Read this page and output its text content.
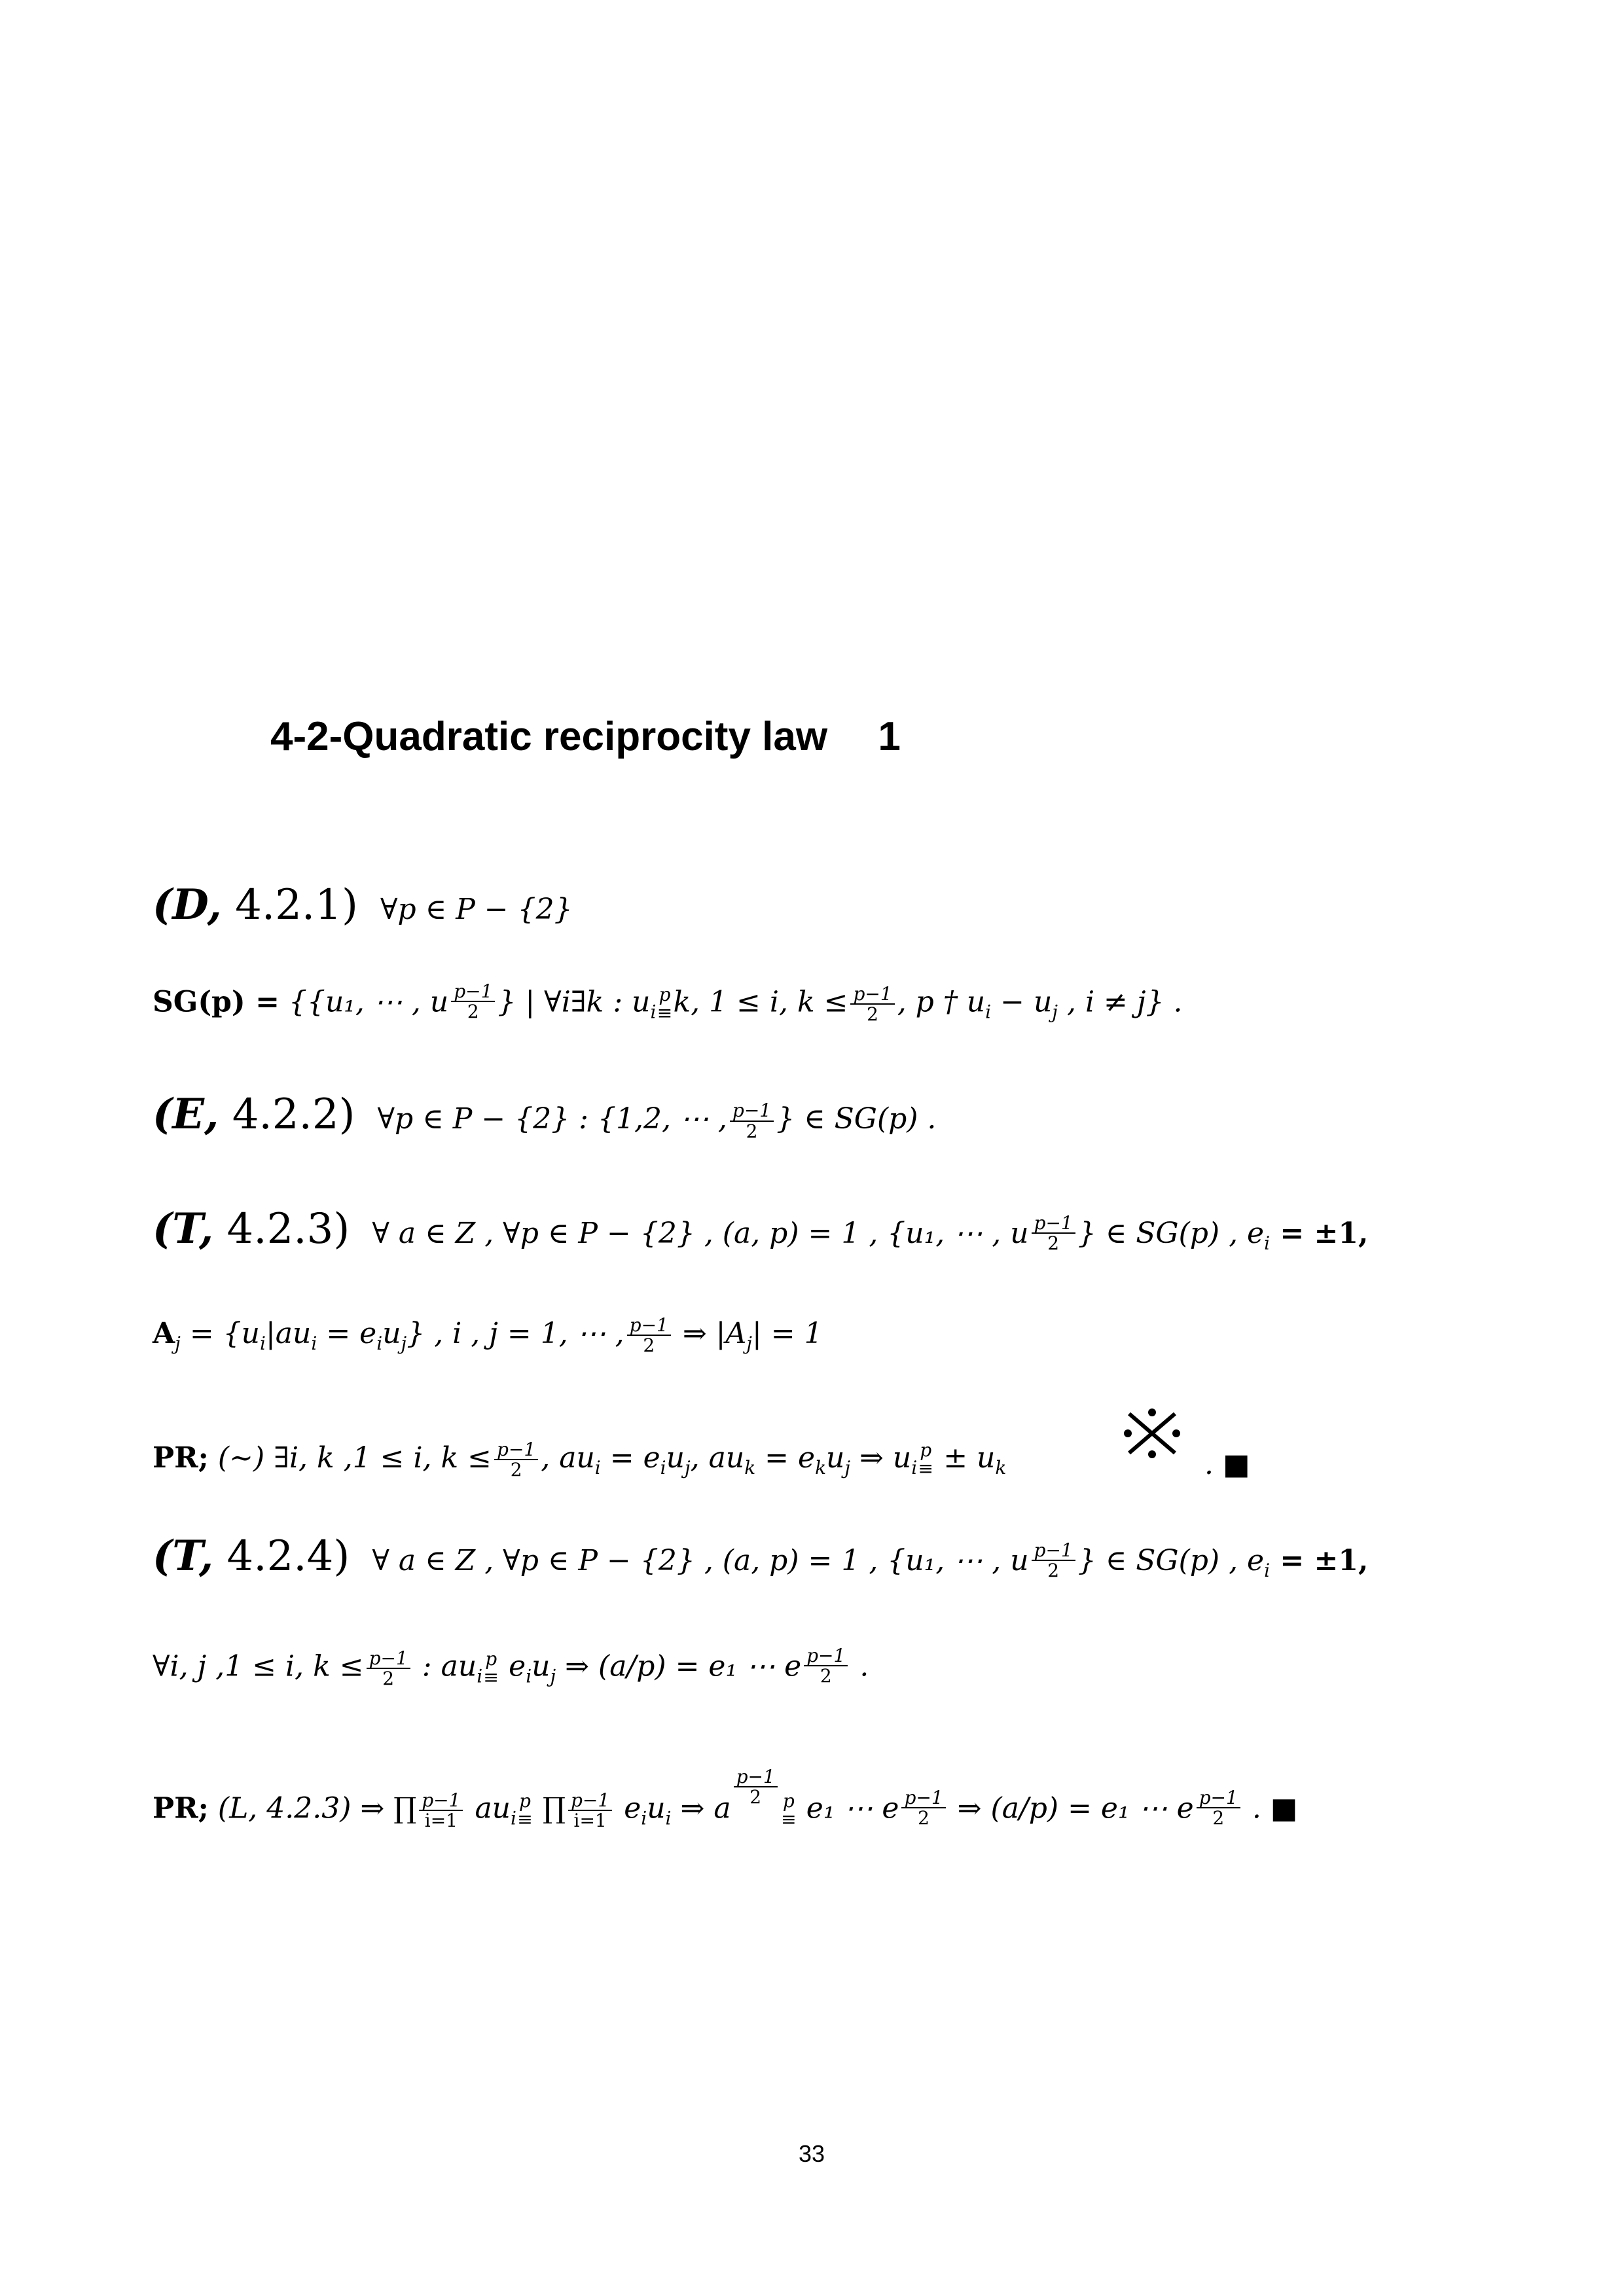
4-2-Quadratic reciprocity law 1
(D, 4.2.1) ∀p ∈ P − {2}
SG(p) = {{u₁, ⋯ , u $\frac{p-1}{2}$ } | ∀i∃k : $u_i$
p
≡ k, 1 ≤ i, $k \le \frac{p-1}{2}$ , p † $u_i - u_j$ , i ≠ j} .
(E, 4.2.2) ∀p ∈ P − {2} : {1,2, ⋯ , $\frac{p-1}{2}$ } ∈ SG(p) .
(T, 4.2.3) ∀ a ∈ Z , ∀p ∈ P − {2} , (a, p) = 1 , {u₁, ⋯ , u $\frac{p-1}{2}$ } ∈ SG(p) , $e_i = \pm 1$,
$A_j = \{u_i|au_i = e_iu_j\}$ , i , j = 1, ⋯ , $\frac{p-1}{2}$ ⇒ $|A_j| = 1$
PR; (∼) ∃i, k ,1 ≤ i, $k \le \frac{p-1}{2}$ , $au_i = e_iu_j$, $au_k = e_ku_j$ ⇒ $u_i$
p
≡ ± $u_k$	. ■
(T, 4.2.4) ∀ a ∈ Z , ∀p ∈ P − {2} , (a, p) = 1 , {u₁, ⋯ , u $\frac{p-1}{2}$ } ∈ SG(p) , $e_i = \pm 1$,
∀i, j ,1 ≤ i, $k \le \frac{p-1}{2}$ : $au_i$
p
≡ $e_iu_j$ ⇒ (a/p) = e₁ ⋯ e $\frac{p-1}{2}$ .
PR; (L, 4.2.3) ⇒ ∏ $\frac{p-1}{i=1} au_i$
p
≡ ∏ $\frac{p-1}{i=1} e_iu_i$ ⇒ a
$\frac{p-1}{2}$ p
≡ e₁ ⋯ e $\frac{p-1}{2}$ ⇒ (a/p) = e₁ ⋯ e $\frac{p-1}{2}$ . ■
33
